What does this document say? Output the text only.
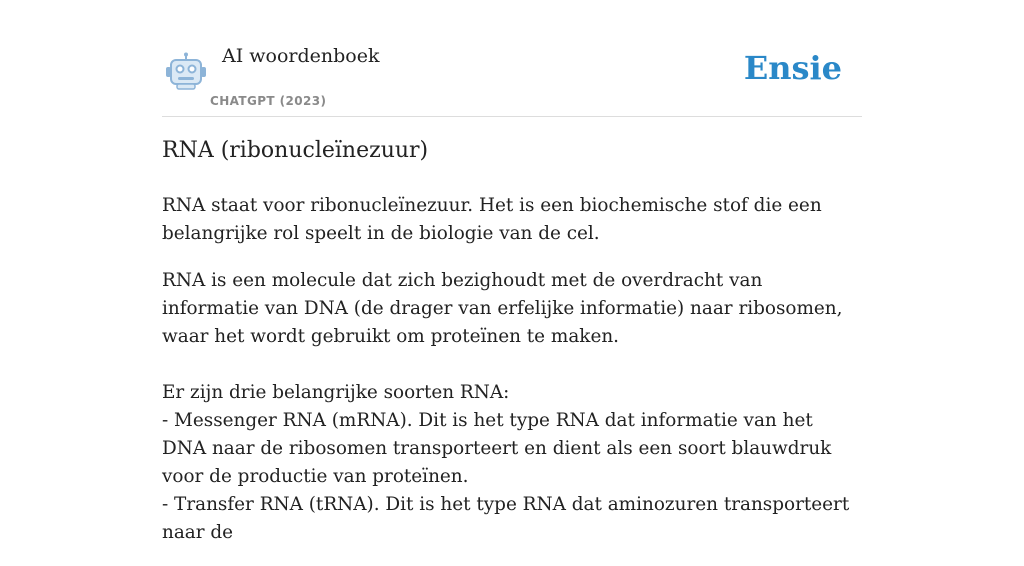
AI woordenboek
CHATGPT (2023)
Ensie
RNA (ribonucleïnezuur)

RNA staat voor ribonucleïnezuur. Het is een biochemische stof die een belangrijke rol speelt in de biologie van de cel.

RNA is een molecule dat zich bezighoudt met de overdracht van informatie van DNA (de drager van erfelijke informatie) naar ribosomen, waar het wordt gebruikt om proteïnen te maken.

Er zijn drie belangrijke soorten RNA:
- Messenger RNA (mRNA). Dit is het type RNA dat informatie van het DNA naar de ribosomen transporteert en dient als een soort blauwdruk voor de productie van proteïnen.
- Transfer RNA (tRNA). Dit is het type RNA dat aminozuren transporteert naar de
